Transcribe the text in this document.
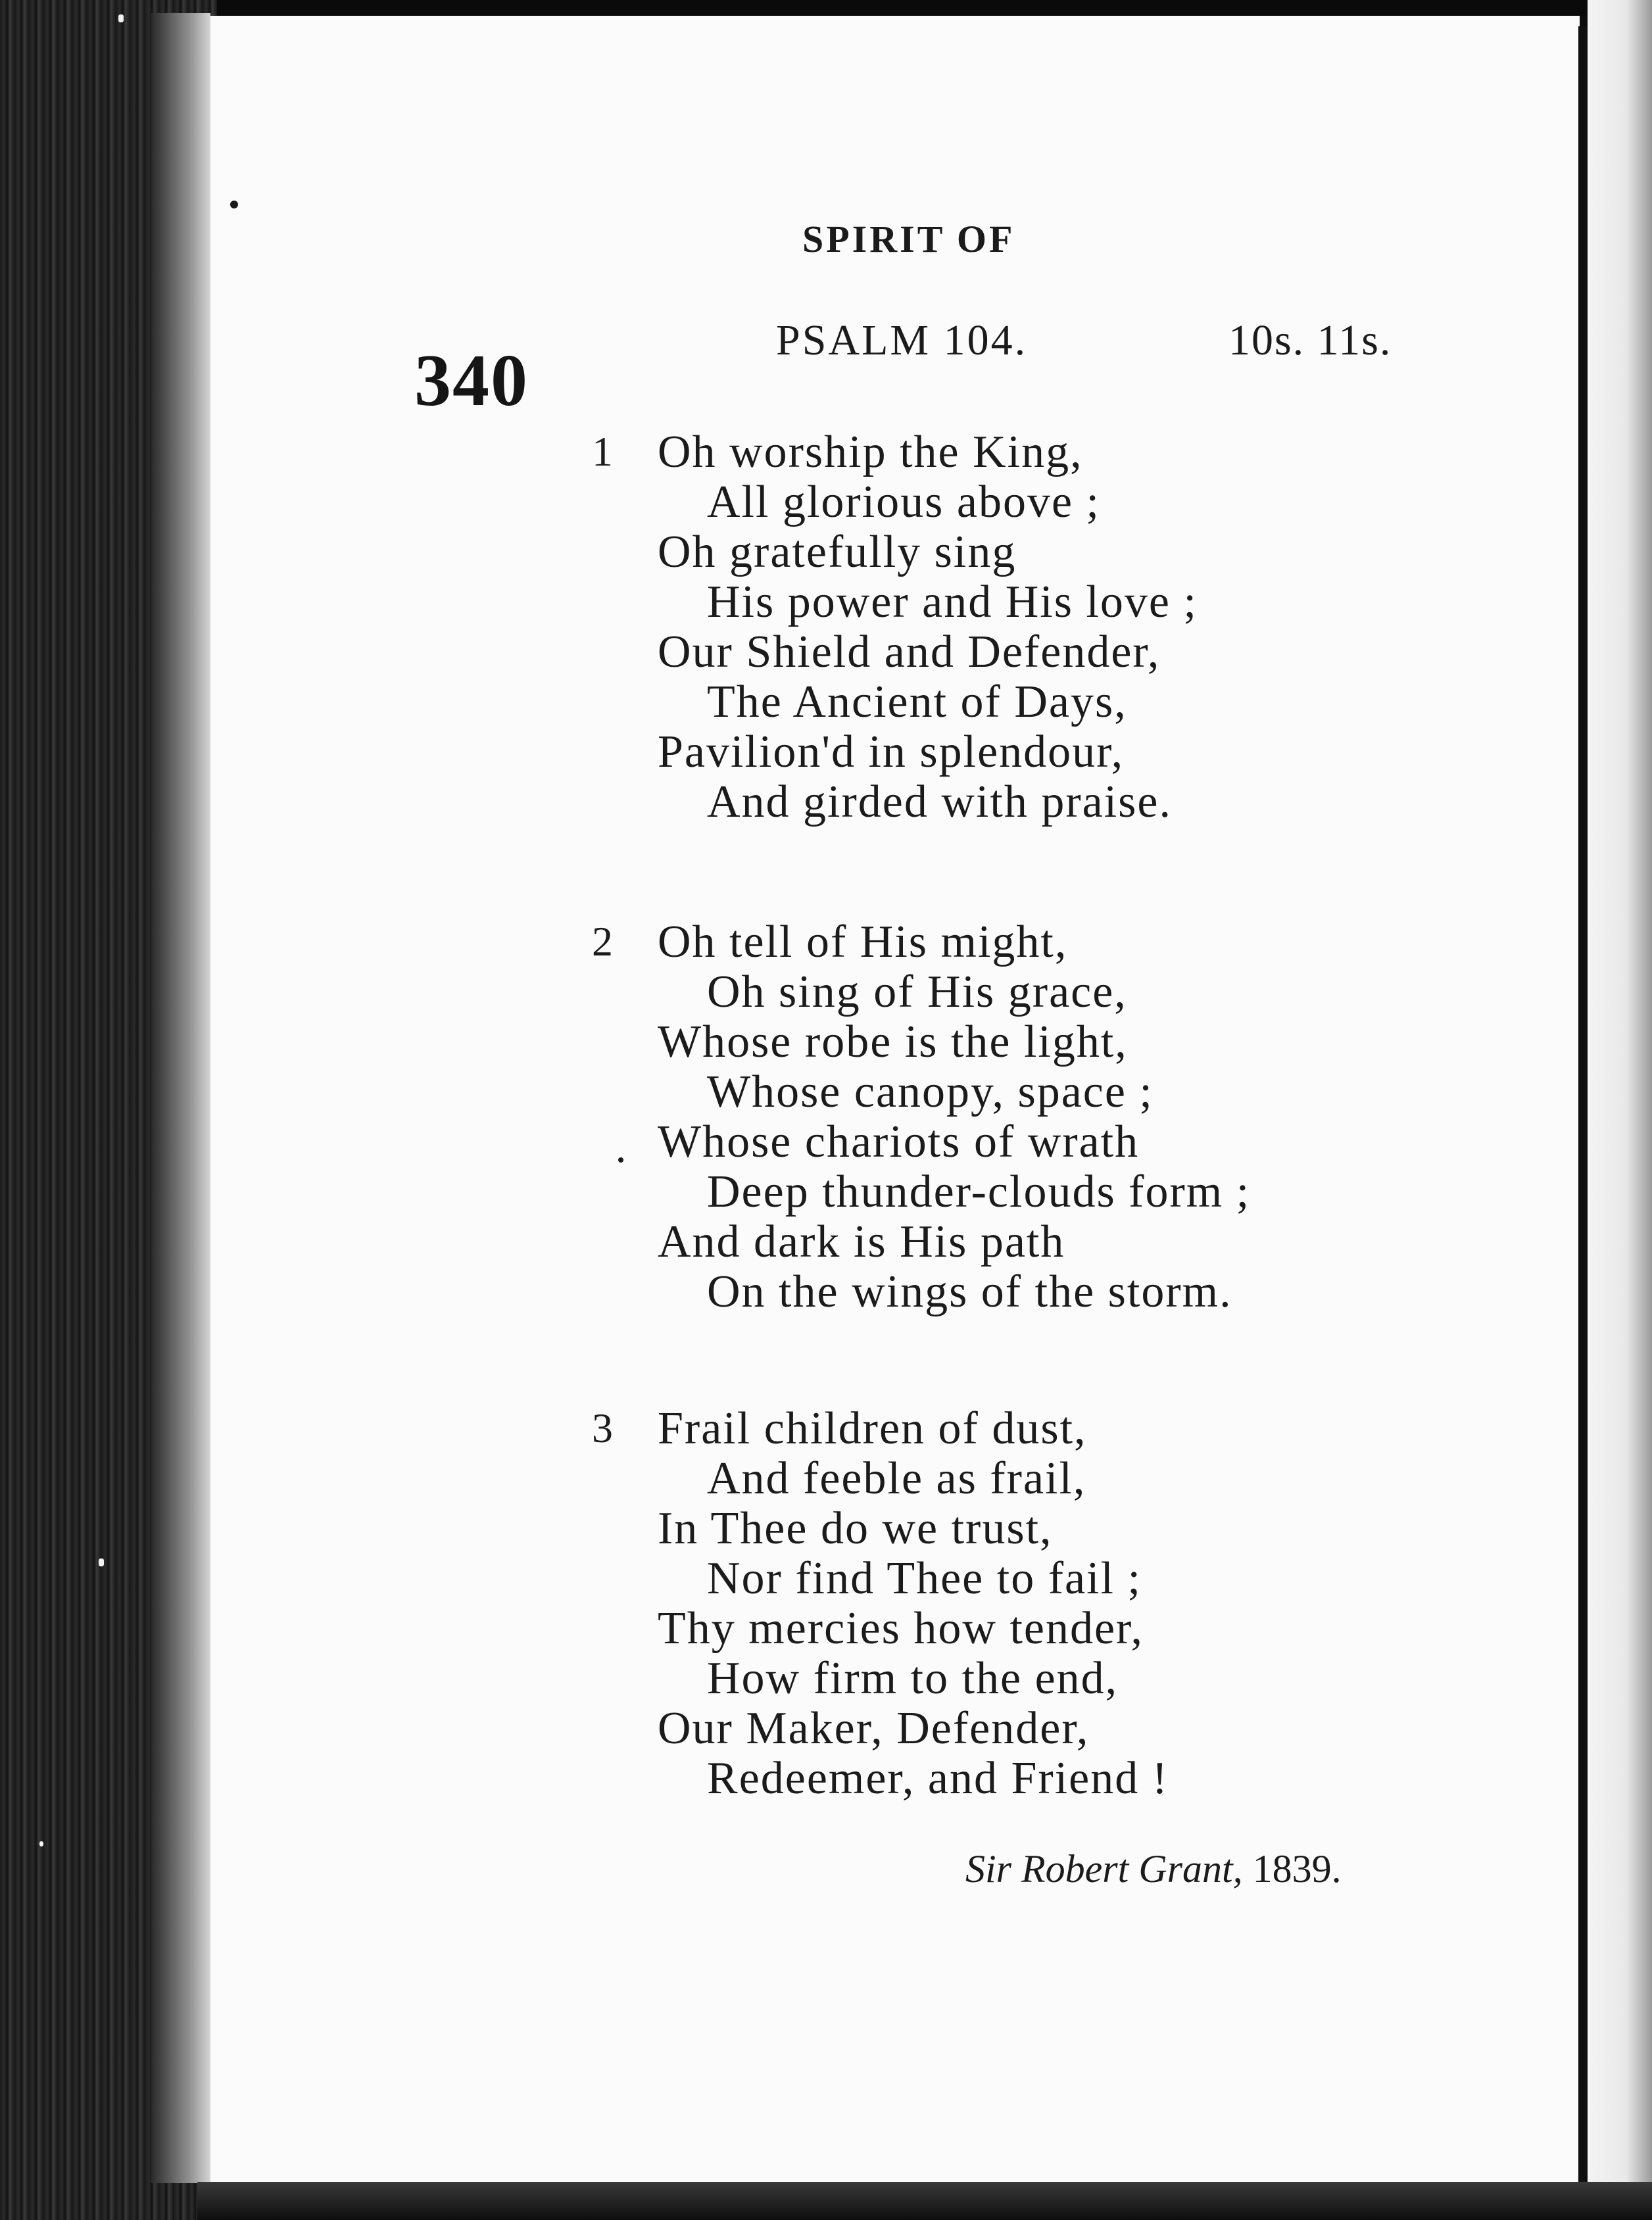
SPIRIT OF
340	PSALM 104.	10s. 11s.
1 Oh worship the King,
All glorious above ;
Oh gratefully sing
His power and His love ;
Our Shield and Defender,
The Ancient of Days,
Pavilion'd in splendour,
And girded with praise.
2 Oh tell of His might,
Oh sing of His grace,
Whose robe is the light,
Whose canopy, space ;
Whose chariots of wrath
Deep thunder-clouds form ;
And dark is His path
On the wings of the storm.
3 Frail children of dust,
And feeble as frail,
In Thee do we trust,
Nor find Thee to fail ;
Thy mercies how tender,
How firm to the end,
Our Maker, Defender,
Redeemer, and Friend !
Sir Robert Grant, 1839.
